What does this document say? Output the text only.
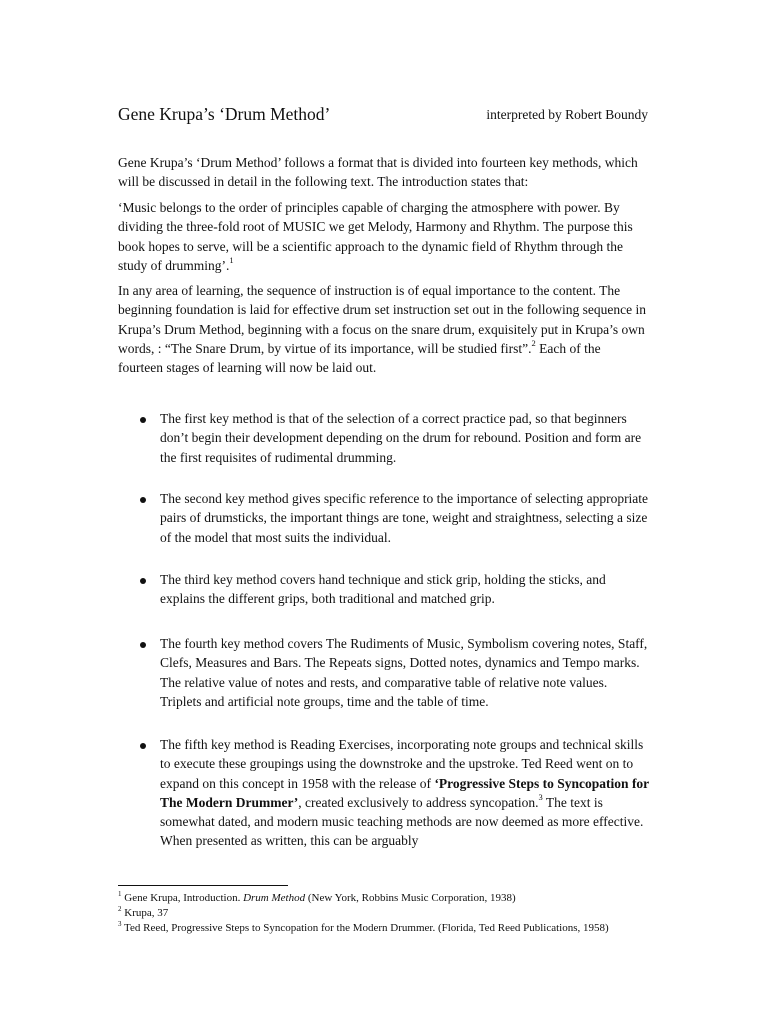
Gene Krupa’s ‘Drum Method’	interpreted by Robert Boundy

Gene Krupa’s ‘Drum Method’ follows a format that is divided into fourteen key methods, which will be discussed in detail in the following text. The introduction states that:

‘Music belongs to the order of principles capable of charging the atmosphere with power. By dividing the three-fold root of MUSIC we get Melody, Harmony and Rhythm. The purpose this book hopes to serve, will be a scientific approach to the dynamic field of Rhythm through the study of drumming’.$^1$

In any area of learning, the sequence of instruction is of equal importance to the content. The beginning foundation is laid for effective drum set instruction set out in the following sequence in Krupa’s Drum Method, beginning with a focus on the snare drum, exquisitely put in Krupa’s own words, : “The Snare Drum, by virtue of its importance, will be studied first”.$^2$ Each of the fourteen stages of learning will now be laid out.

The first key method is that of the selection of a correct practice pad, so that beginners don’t begin their development depending on the drum for rebound. Position and form are the first requisites of rudimental drumming.
The second key method gives specific reference to the importance of selecting appropriate pairs of drumsticks, the important things are tone, weight and straightness, selecting a size of the model that most suits the individual.
The third key method covers hand technique and stick grip, holding the sticks, and explains the different grips, both traditional and matched grip.
The fourth key method covers The Rudiments of Music, Symbolism covering notes, Staff, Clefs, Measures and Bars. The Repeats signs, Dotted notes, dynamics and Tempo marks. The relative value of notes and rests, and comparative table of relative note values. Triplets and artificial note groups, time and the table of time.
The fifth key method is Reading Exercises, incorporating note groups and technical skills to execute these groupings using the downstroke and the upstroke. Ted Reed went on to expand on this concept in 1958 with the release of ‘Progressive Steps to Syncopation for The Modern Drummer’, created exclusively to address syncopation.$^3$ The text is somewhat dated, and modern music teaching methods are now deemed as more effective. When presented as written, this can be arguably
$^1$ Gene Krupa, Introduction. Drum Method (New York, Robbins Music Corporation, 1938)
$^2$ Krupa, 37
$^3$ Ted Reed, Progressive Steps to Syncopation for the Modern Drummer. (Florida, Ted Reed Publications, 1958)
